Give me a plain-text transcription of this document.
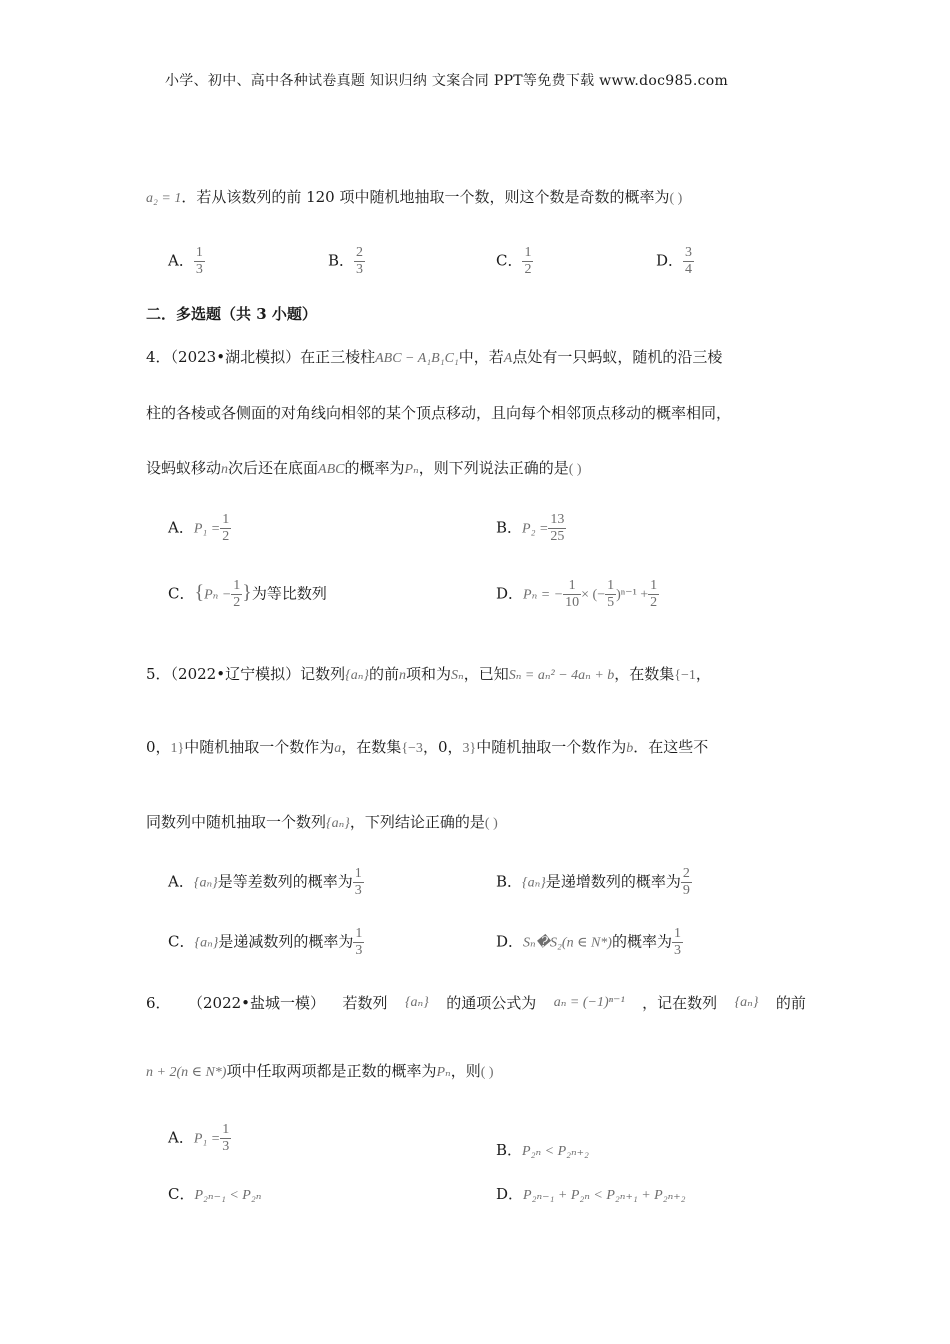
小学、初中、高中各种试卷真题 知识归纳 文案合同 PPT等免费下载 www.doc985.com
a₂ = 1．若从该数列的前 120 项中随机地抽取一个数，则这个数是奇数的概率为( )
A． $\frac{1}{3}$	B． $\frac{2}{3}$	C． $\frac{1}{2}$	D． $\frac{3}{4}$
二．多选题（共 3 小题）
4．（2023•湖北模拟）在正三棱柱ABC − A₁B₁C₁中，若A点处有一只蚂蚁，随机的沿三棱
柱的各棱或各侧面的对角线向相邻的某个顶点移动，且向每个相邻顶点移动的概率相同，
设蚂蚁移动n次后还在底面ABC的概率为Pₙ，则下列说法正确的是( )
A．$P_1 = \frac{1}{2}$	B．$P_2 = \frac{13}{25}$
C．{$P_n - \frac{1}{2}$ }为等比数列	D．Pₙ = − $\frac{1}{10}$ × (− $\frac{1}{5} )^{n-1} + \frac{1}{2}$
5．（2022•辽宁模拟）记数列{aₙ}的前n项和为Sₙ，已知Sₙ = aₙ² − 4aₙ + b，在数集{−1，
0，1}中随机抽取一个数作为a，在数集{−3，0，3}中随机抽取一个数作为b．在这些不
同数列中随机抽取一个数列{aₙ}，下列结论正确的是( )
A．{aₙ}是等差数列的概率为 $\frac{1}{3}$	B．{aₙ}是递增数列的概率为 $\frac{2}{9}$
C．{aₙ}是递减数列的概率为 $\frac{1}{3}$	D．Sₙ�S₂(n ∈ N*)的概率为 $\frac{1}{3}$
6． （2022•盐城一模） 若数列 {aₙ} 的通项公式为 aₙ = (−1)ⁿ⁻¹ ，记在数列 {aₙ} 的前
n + 2(n ∈ N*)项中任取两项都是正数的概率为Pₙ，则( )
A．$P_1 = \frac{1}{3}$	B．P₂ₙ < P₂ₙ₊₂
C．P₂ₙ₋₁ < P₂ₙ	D．P₂ₙ₋₁ + P₂ₙ < P₂ₙ₊₁ + P₂ₙ₊₂
